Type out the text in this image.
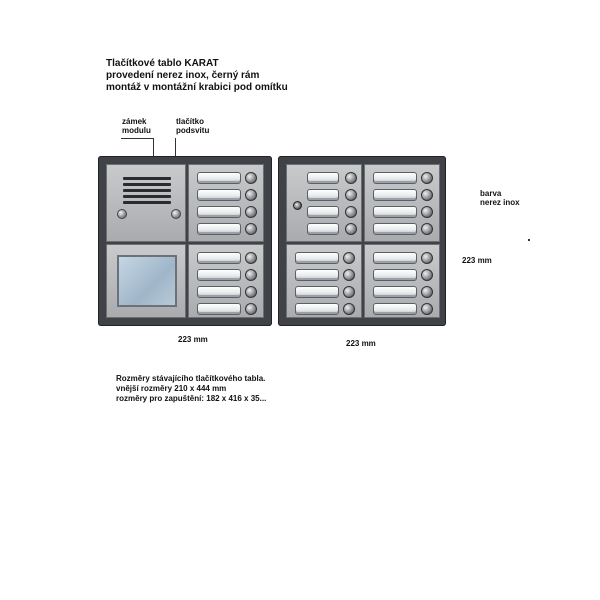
Tlačítkové tablo KARAT
provedení nerez inox, černý rám
montáž v montážní krabici pod omítku
zámek
modulu
tlačítko
podsvitu
barva
nerez inox
223 mm
223 mm	223 mm
Rozměry stávajícího tlačítkového tabla.
vnější rozměry 210 x 444 mm
rozměry pro zapuštění: 182 x 416 x 35...
